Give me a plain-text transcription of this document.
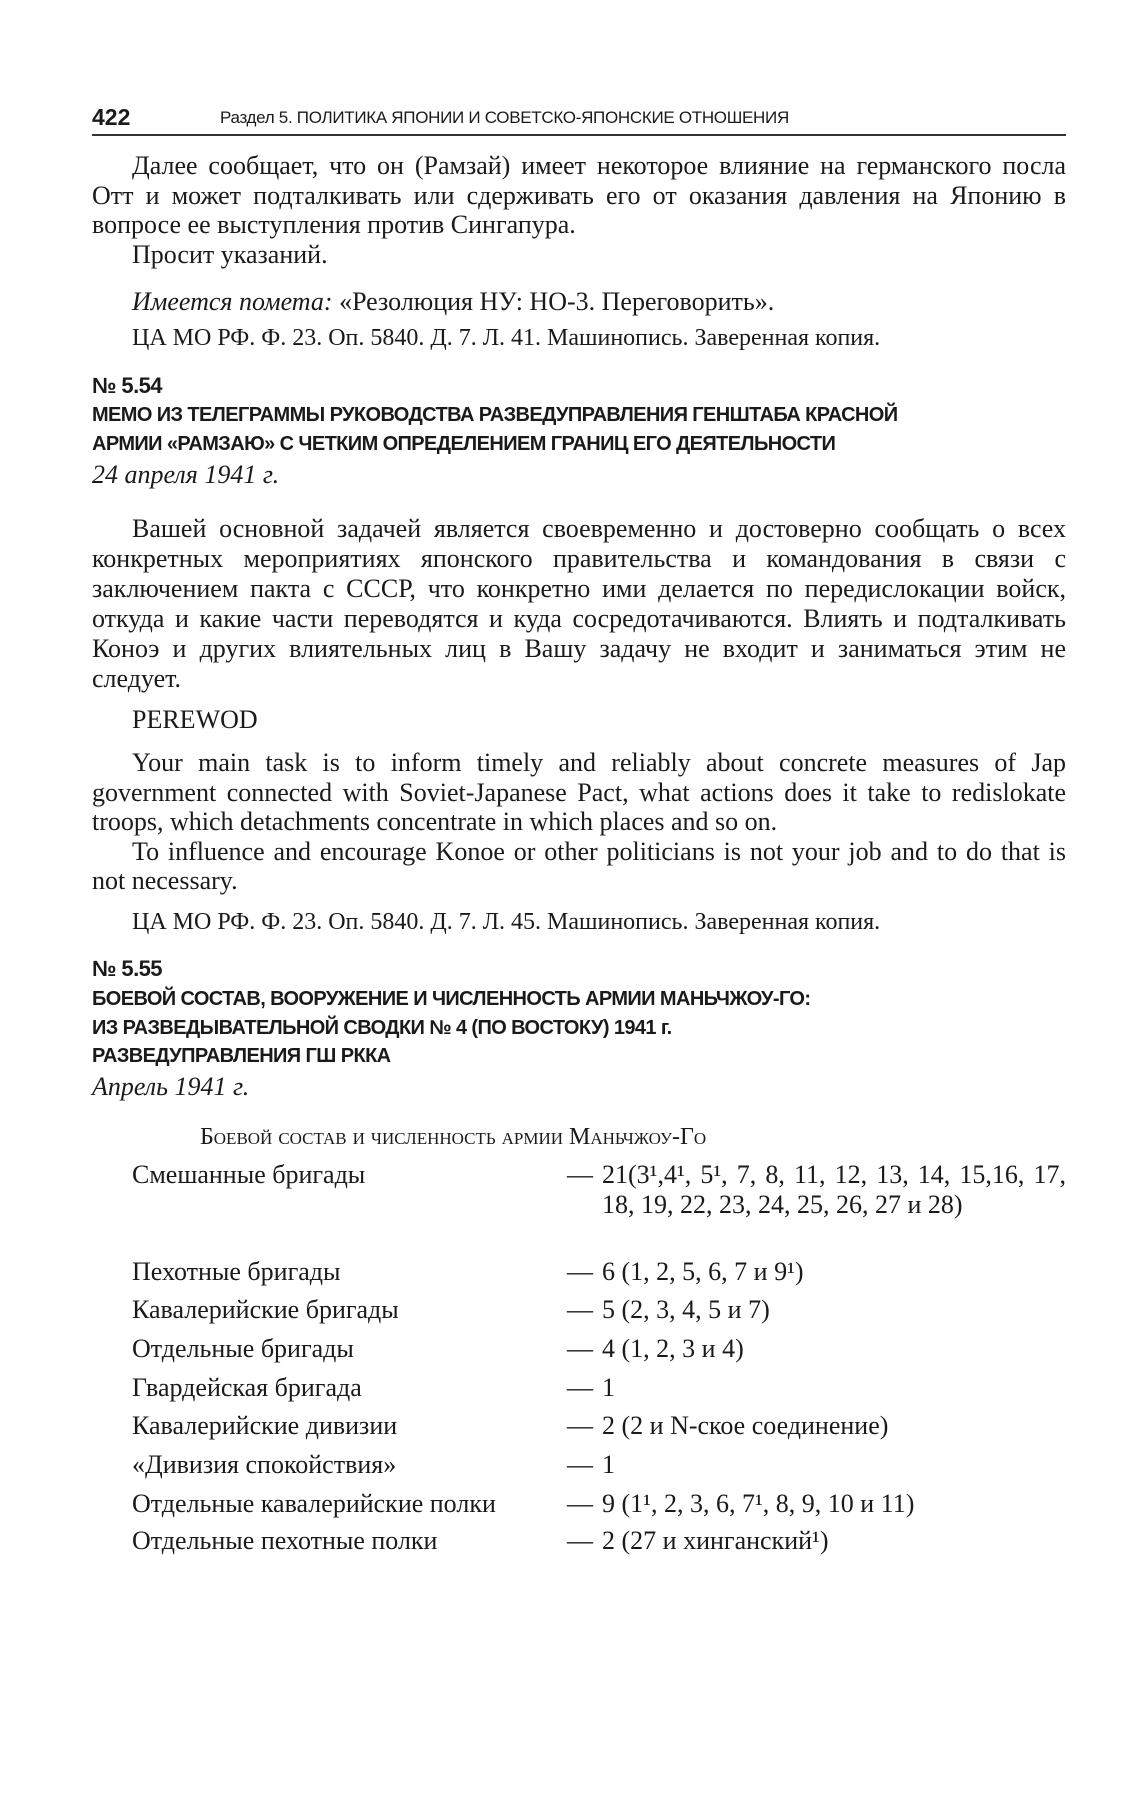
422	Раздел 5. ПОЛИТИКА ЯПОНИИ И СОВЕТСКО-ЯПОНСКИЕ ОТНОШЕНИЯ

Далее сообщает, что он (Рамзай) имеет некоторое влияние на германского посла Отт и может подталкивать или сдерживать его от оказания давления на Японию в вопросе ее выступления против Сингапура.

Просит указаний.

Имеется помета: «Резолюция НУ: НО-3. Переговорить».
ЦА МО РФ. Ф. 23. Оп. 5840. Д. 7. Л. 41. Машинопись. Заверенная копия.
№ 5.54
МЕМО ИЗ ТЕЛЕГРАММЫ РУКОВОДСТВА РАЗВЕДУПРАВЛЕНИЯ ГЕНШТАБА КРАСНОЙ
АРМИИ «РАМЗАЮ» С ЧЕТКИМ ОПРЕДЕЛЕНИЕМ ГРАНИЦ ЕГО ДЕЯТЕЛЬНОСТИ
24 апреля 1941 г.
Вашей основной задачей является своевременно и достоверно сообщать о всех конкретных мероприятиях японского правительства и командования в связи с заключением пакта с СССР, что конкретно ими делается по передислокации войск, откуда и какие части переводятся и куда сосредотачиваются. Влиять и подталкивать Коноэ и других влиятельных лиц в Вашу задачу не входит и заниматься этим не следует.
PEREWOD

Your main task is to inform timely and reliably about concrete measures of Jap government connected with Soviet-Japanese Pact, what actions does it take to redislokate troops, which detachments concentrate in which places and so on.

To influence and encourage Konoe or other politicians is not your job and to do that is not necessary.

ЦА МО РФ. Ф. 23. Оп. 5840. Д. 7. Л. 45. Машинопись. Заверенная копия.
№ 5.55
БОЕВОЙ СОСТАВ, ВООРУЖЕНИЕ И ЧИСЛЕННОСТЬ АРМИИ МАНЬЧЖОУ-ГО:
ИЗ РАЗВЕДЫВАТЕЛЬНОЙ СВОДКИ № 4 (ПО ВОСТОКУ) 1941 г.
РАЗВЕДУПРАВЛЕНИЯ ГШ РККА
Апрель 1941 г.
Боевой состав и численность армии Маньчжоу-Го
Смешанные бригады	— 21(3¹,4¹, 5¹, 7, 8, 11, 12, 13, 14, 15,16, 17, 18, 19, 22, 23, 24, 25, 26, 27 и 28)
Пехотные бригады	— 6 (1, 2, 5, 6, 7 и 9¹)
Кавалерийские бригады	— 5 (2, 3, 4, 5 и 7)
Отдельные бригады	— 4 (1, 2, 3 и 4)
Гвардейская бригада	— 1
Кавалерийские дивизии	— 2 (2 и N-ское соединение)
«Дивизия спокойствия»	— 1
Отдельные кавалерийские полки	— 9 (1¹, 2, 3, 6, 7¹, 8, 9, 10 и 11)
Отдельные пехотные полки	— 2 (27 и хинганский¹)
